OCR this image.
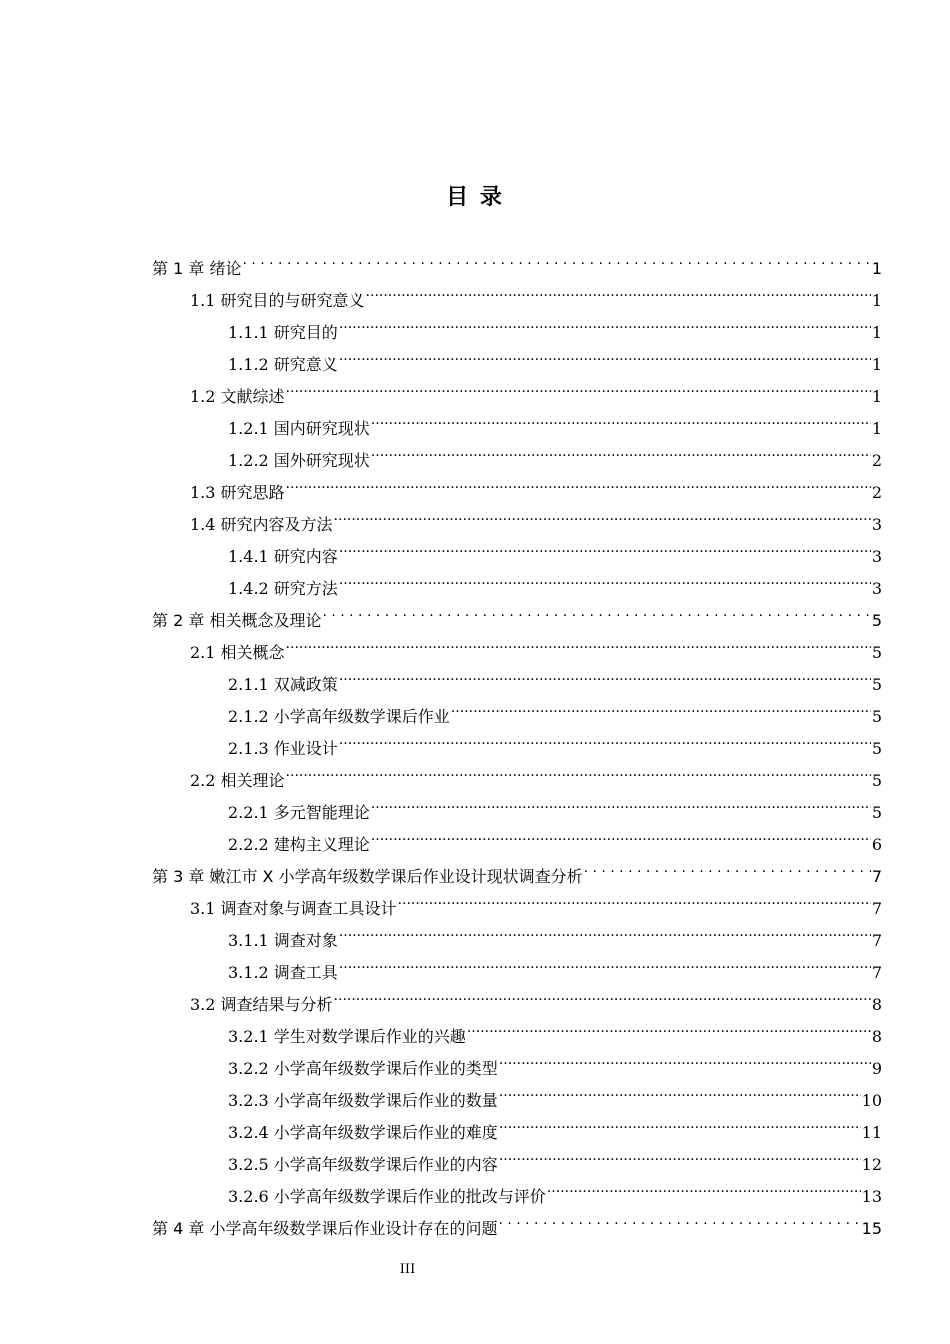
目 录
第 1 章 绪论 . . .	1
1.1 研究目的与研究意义 .....	1
1.1.1 研究目的 .....	1
1.1.2 研究意义 .....	1
1.2 文献综述 .....	1
1.2.1 国内研究现状 .....	1
1.2.2 国外研究现状 .....	2
1.3 研究思路 .....	2
1.4 研究内容及方法 .....	3
1.4.1 研究内容 .....	3
1.4.2 研究方法 .....	3
第 2 章 相关概念及理论 . . .	5
2.1 相关概念 .....	5
2.1.1 双减政策 .....	5
2.1.2 小学高年级数学课后作业 .....	5
2.1.3 作业设计 .....	5
2.2 相关理论 .....	5
2.2.1 多元智能理论 .....	5
2.2.2 建构主义理论 .....	6
第 3 章 嫩江市 X 小学高年级数学课后作业设计现状调查分析 . . .	7
3.1 调查对象与调查工具设计 .....	7
3.1.1 调查对象 .....	7
3.1.2 调查工具 .....	7
3.2 调查结果与分析 .....	8
3.2.1 学生对数学课后作业的兴趣 .....	8
3.2.2 小学高年级数学课后作业的类型 .....	9
3.2.3 小学高年级数学课后作业的数量 .....	10
3.2.4 小学高年级数学课后作业的难度 .....	11
3.2.5 小学高年级数学课后作业的内容 .....	12
3.2.6 小学高年级数学课后作业的批改与评价 .....	13
第 4 章 小学高年级数学课后作业设计存在的问题 . . .	15
III
